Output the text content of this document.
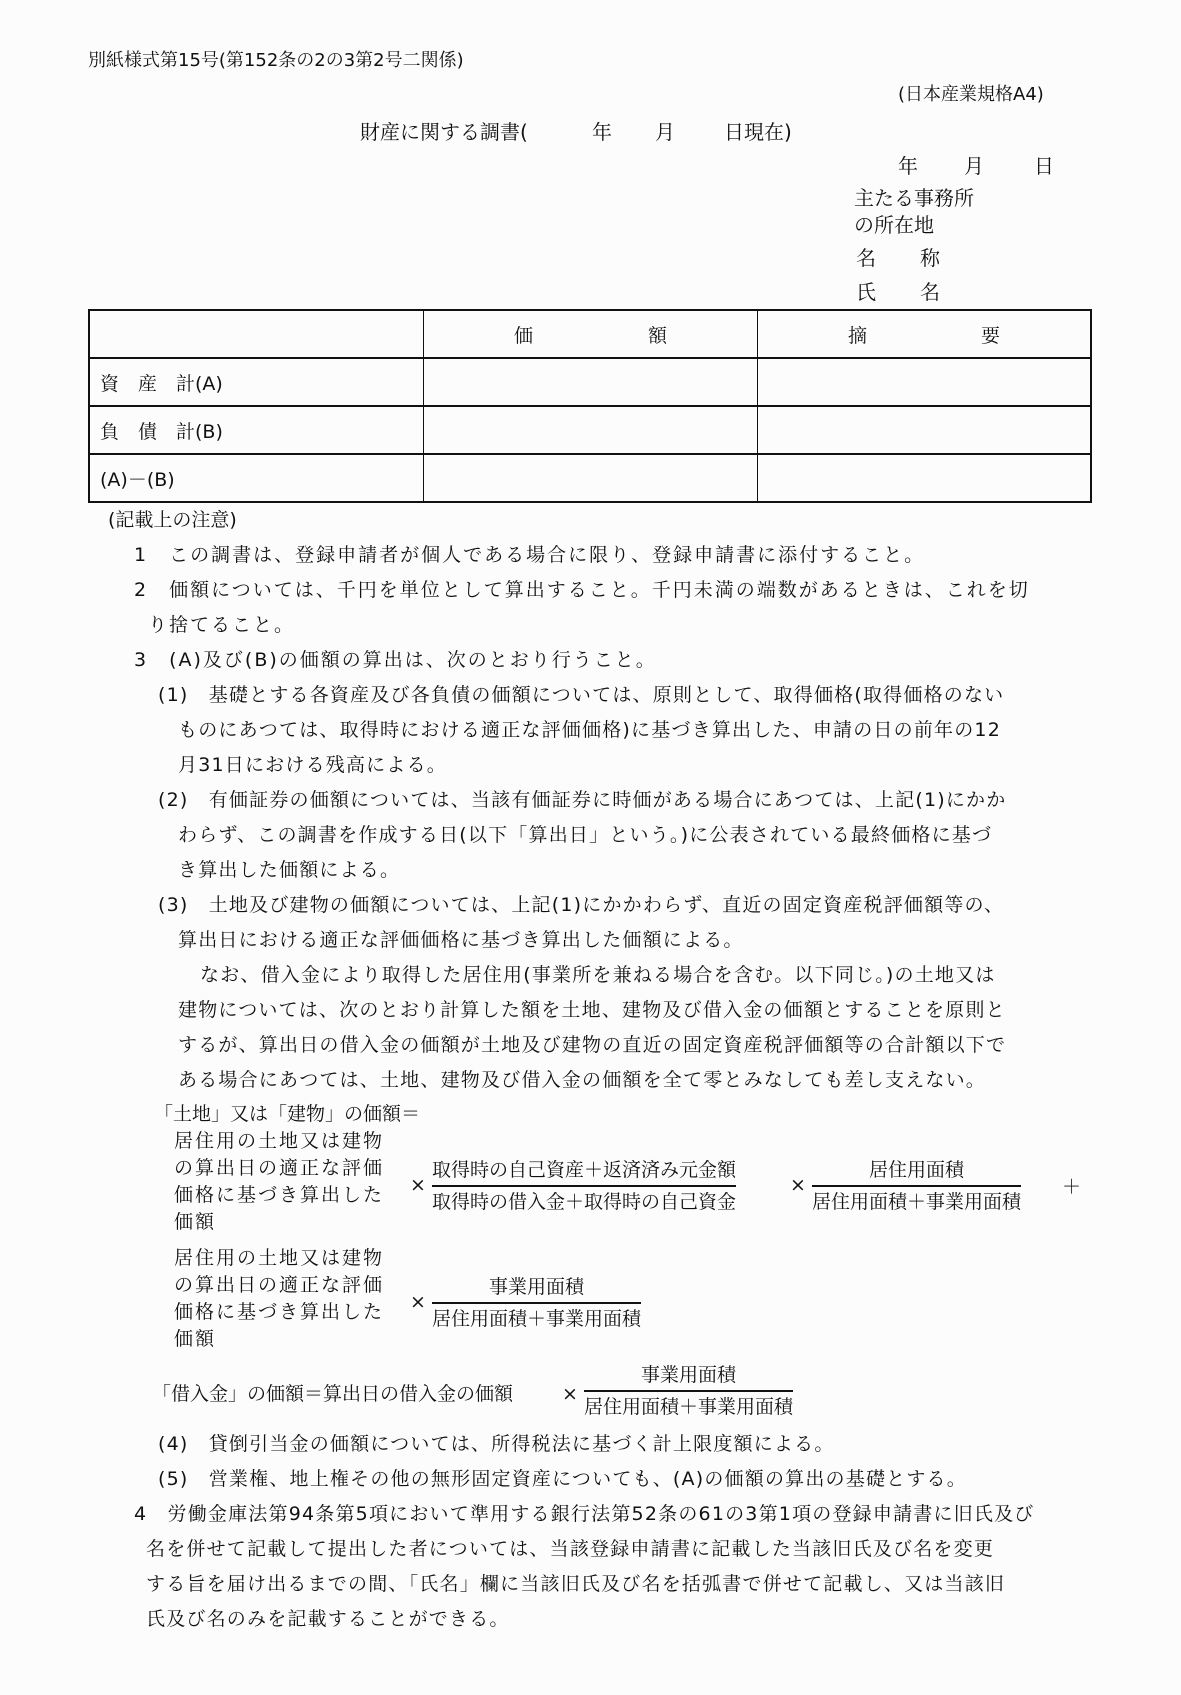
別紙様式第15号(第152条の2の3第2号二関係)
(日本産業規格A4)
財産に関する調書(	年 月 日現在)
年 月	日
主たる事務所
の所在地
名 称
氏 名

	価 額	摘 要

資　産　計(A)		
負　債　計(B)		
(A)－(B)		
(記載上の注意)
1　この調書は、登録申請者が個人である場合に限り、登録申請書に添付すること。
2　価額については、千円を単位として算出すること。千円未満の端数があるときは、これを切
り捨てること。
3　(A)及び(B)の価額の算出は、次のとおり行うこと。
(1)　基礎とする各資産及び各負債の価額については、原則として、取得価格(取得価格のない
ものにあつては、取得時における適正な評価価格)に基づき算出した、申請の日の前年の12
月31日における残高による。
(2)　有価証券の価額については、当該有価証券に時価がある場合にあつては、上記(1)にかか
わらず、この調書を作成する日(以下「算出日」という。)に公表されている最終価格に基づ
き算出した価額による。
(3)　土地及び建物の価額については、上記(1)にかかわらず、直近の固定資産税評価額等の、
算出日における適正な評価価格に基づき算出した価額による。
なお、借入金により取得した居住用(事業所を兼ねる場合を含む。以下同じ。)の土地又は
建物については、次のとおり計算した額を土地、建物及び借入金の価額とすることを原則と
するが、算出日の借入金の価額が土地及び建物の直近の固定資産税評価額等の合計額以下で
ある場合にあつては、土地、建物及び借入金の価額を全て零とみなしても差し支えない。
「土地」又は「建物」の価額＝
居住用の土地又は建物
の算出日の適正な評価
価格に基づき算出した
価額
×
取得時の自己資産＋返済済み元金額
取得時の借入金＋取得時の自己資金
×
居住用面積
居住用面積＋事業用面積
＋
居住用の土地又は建物
の算出日の適正な評価
価格に基づき算出した
価額
×
事業用面積
居住用面積＋事業用面積
「借入金」の価額＝算出日の借入金の価額	×
事業用面積
居住用面積＋事業用面積
(4)　貸倒引当金の価額については、所得税法に基づく計上限度額による。
(5)　営業権、地上権その他の無形固定資産についても、(A)の価額の算出の基礎とする。
4　労働金庫法第94条第5項において準用する銀行法第52条の61の3第1項の登録申請書に旧氏及び
名を併せて記載して提出した者については、当該登録申請書に記載した当該旧氏及び名を変更
する旨を届け出るまでの間、「氏名」欄に当該旧氏及び名を括弧書で併せて記載し、又は当該旧
氏及び名のみを記載することができる。
